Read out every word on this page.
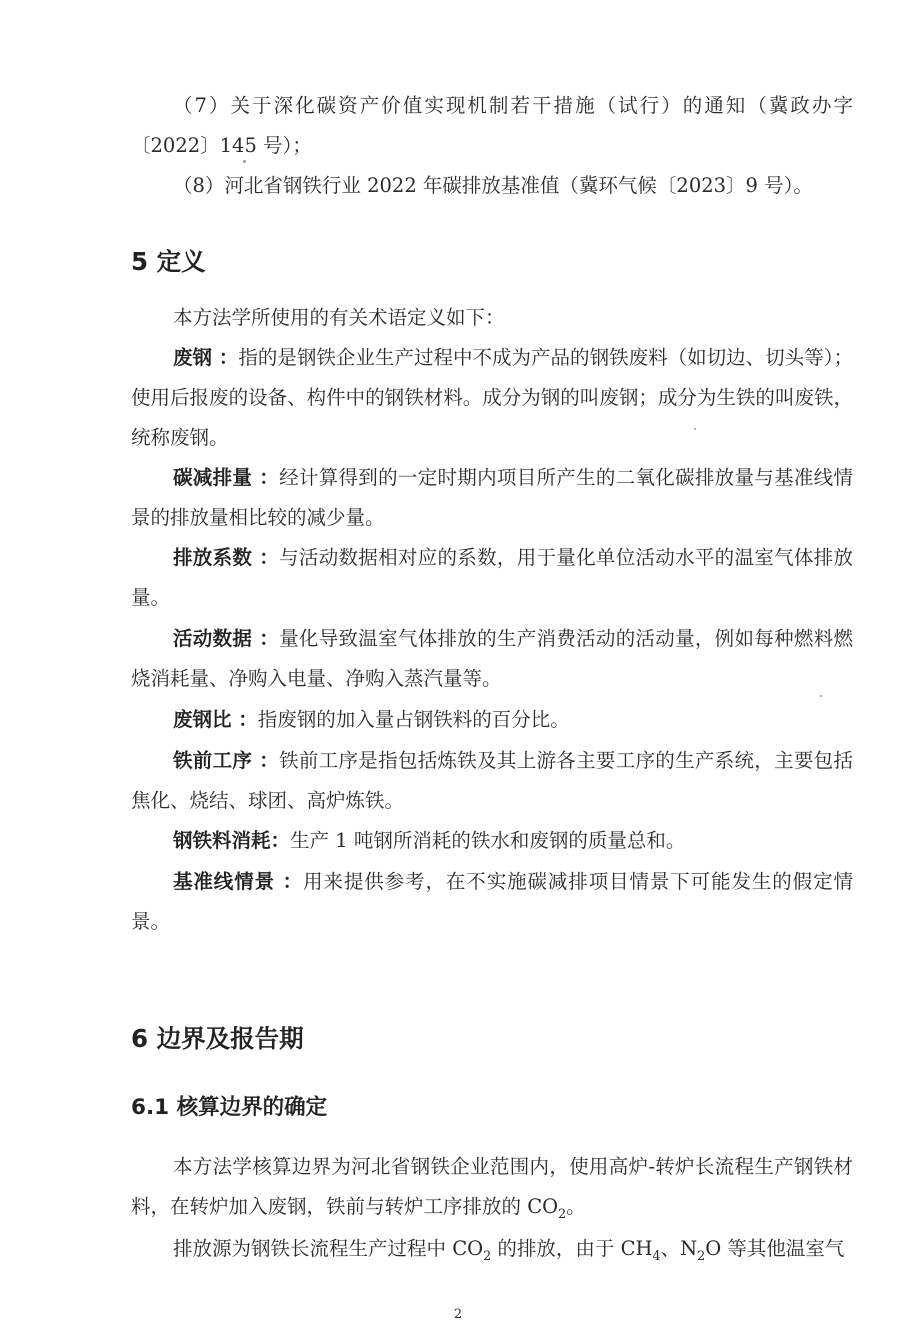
（7）关于深化碳资产价值实现机制若干措施（试行）的通知（冀政办字〔2022〕145 号）；

（8）河北省钢铁行业 2022 年碳排放基准值（冀环气候〔2023〕9 号）。

5 定义

本方法学所使用的有关术语定义如下：

废钢 ：指的是钢铁企业生产过程中不成为产品的钢铁废料（如切边、切头等）；使用后报废的设备、构件中的钢铁材料。成分为钢的叫废钢；成分为生铁的叫废铁，统称废钢。

碳减排量 ：经计算得到的一定时期内项目所产生的二氧化碳排放量与基准线情景的排放量相比较的减少量。

排放系数 ：与活动数据相对应的系数，用于量化单位活动水平的温室气体排放量。

活动数据 ：量化导致温室气体排放的生产消费活动的活动量，例如每种燃料燃烧消耗量、净购入电量、净购入蒸汽量等。

废钢比 ：指废钢的加入量占钢铁料的百分比。

铁前工序 ：铁前工序是指包括炼铁及其上游各主要工序的生产系统，主要包括焦化、烧结、球团、高炉炼铁。

钢铁料消耗：生产 1 吨钢所消耗的铁水和废钢的质量总和。

基准线情景 ：用来提供参考，在不实施碳减排项目情景下可能发生的假定情景。

6 边界及报告期
6.1 核算边界的确定

本方法学核算边界为河北省钢铁企业范围内，使用高炉-转炉长流程生产钢铁材料，在转炉加入废钢，铁前与转炉工序排放的 $CO_2$。

排放源为钢铁长流程生产过程中 $CO_2$ 的排放，由于 $CH_4$、$N_2O$ 等其他温室气

2
